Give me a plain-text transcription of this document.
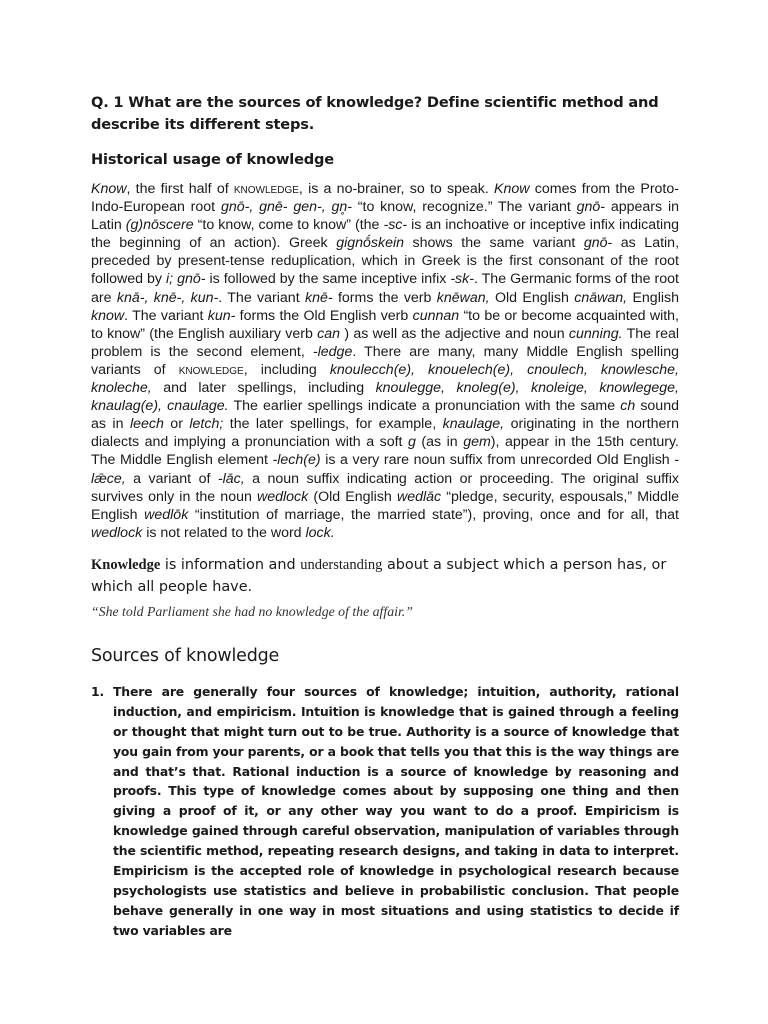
Q. 1 What are the sources of knowledge? Define scientific method and describe its different steps.

Historical usage of knowledge

Know, the first half of knowledge, is a no-brainer, so to speak. Know comes from the Proto-Indo-European root gnō-, gnē- gen-, gn̥- “to know, recognize.” The variant gnō- appears in Latin (g)nōscere “to know, come to know” (the -sc- is an inchoative or inceptive infix indicating the beginning of an action). Greek gignṓskein shows the same variant gnō- as Latin, preceded by present-tense reduplication, which in Greek is the first consonant of the root followed by i; gnō- is followed by the same inceptive infix -sk-. The Germanic forms of the root are knā-, knē-, kun-. The variant knē- forms the verb knēwan, Old English cnāwan, English know. The variant kun- forms the Old English verb cunnan “to be or become acquainted with, to know” (the English auxiliary verb can ) as well as the adjective and noun cunning. The real problem is the second element, -ledge. There are many, many Middle English spelling variants of knowledge, including knoulecch(e), knouelech(e), cnoulech, knowlesche, knoleche, and later spellings, including knoulegge, knoleg(e), knoleige, knowlegege, knaulag(e), cnaulage. The earlier spellings indicate a pronunciation with the same ch sound as in leech or letch; the later spellings, for example, knaulage, originating in the northern dialects and implying a pronunciation with a soft g (as in gem), appear in the 15th century. The Middle English element -lech(e) is a very rare noun suffix from unrecorded Old English -lǣce, a variant of -lāc, a noun suffix indicating action or proceeding. The original suffix survives only in the noun wedlock (Old English wedlāc “pledge, security, espousals,” Middle English wedlōk “institution of marriage, the married state”), proving, once and for all, that wedlock is not related to the word lock.

Knowledge is information and understanding about a subject which a person has, or which all people have.

“She told Parliament she had no knowledge of the affair.”

Sources of knowledge

1. There are generally four sources of knowledge; intuition, authority, rational induction, and empiricism. Intuition is knowledge that is gained through a feeling or thought that might turn out to be true. Authority is a source of knowledge that you gain from your parents, or a book that tells you that this is the way things are and that’s that. Rational induction is a source of knowledge by reasoning and proofs. This type of knowledge comes about by supposing one thing and then giving a proof of it, or any other way you want to do a proof. Empiricism is knowledge gained through careful observation, manipulation of variables through the scientific method, repeating research designs, and taking in data to interpret. Empiricism is the accepted role of knowledge in psychological research because psychologists use statistics and believe in probabilistic conclusion. That people behave generally in one way in most situations and using statistics to decide if two variables are
